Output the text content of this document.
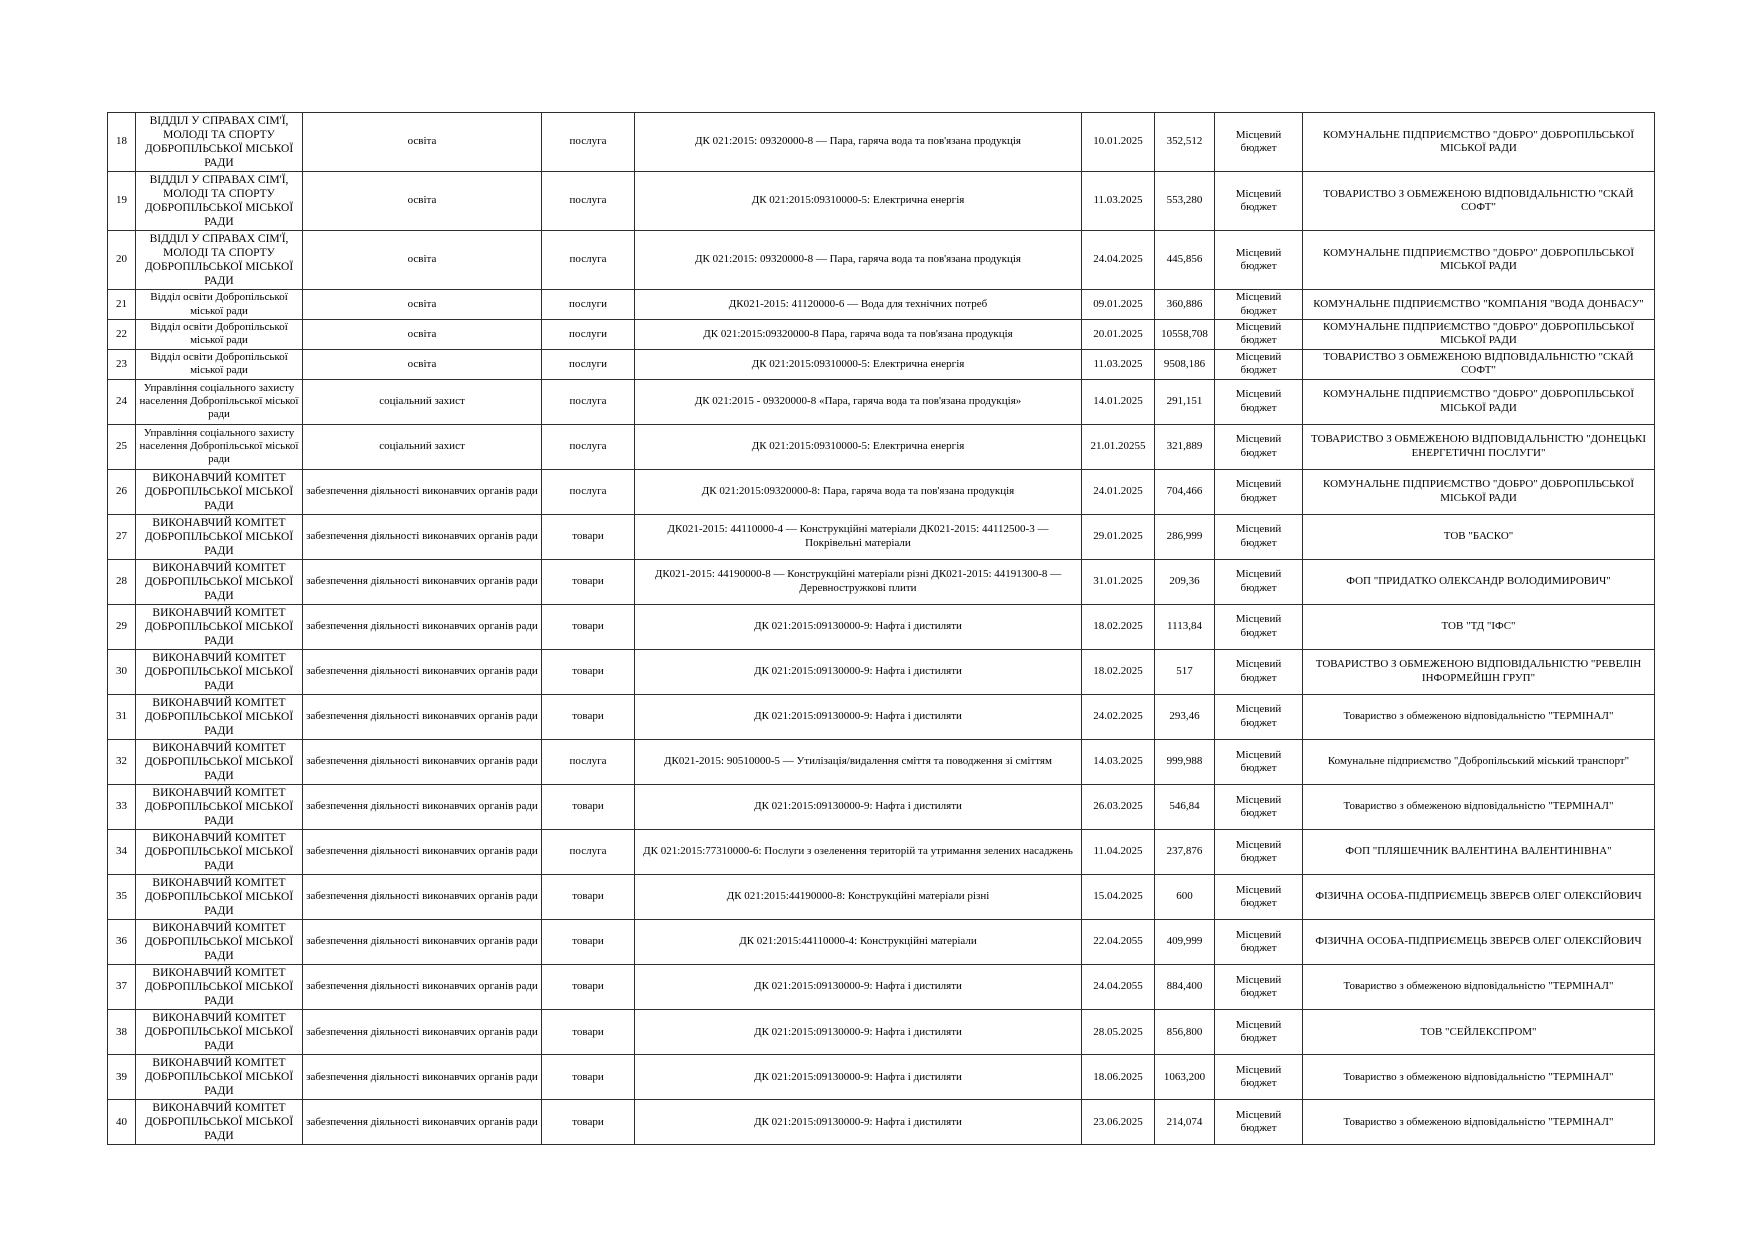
18	ВІДДІЛ У СПРАВАХ СІМ'Ї, МОЛОДІ ТА СПОРТУ ДОБРОПІЛЬСЬКОЇ МІСЬКОЇ РАДИ	освіта	послуга	ДК 021:2015: 09320000-8 — Пара, гаряча вода та пов'язана продукція	10.01.2025	352,512	Місцевий бюджет	КОМУНАЛЬНЕ ПІДПРИЄМСТВО "ДОБРО" ДОБРОПІЛЬСЬКОЇ МІСЬКОЇ РАДИ
19	ВІДДІЛ У СПРАВАХ СІМ'Ї, МОЛОДІ ТА СПОРТУ ДОБРОПІЛЬСЬКОЇ МІСЬКОЇ РАДИ	освіта	послуга	ДК 021:2015:09310000-5: Електрична енергія	11.03.2025	553,280	Місцевий бюджет	ТОВАРИСТВО З ОБМЕЖЕНОЮ ВІДПОВІДАЛЬНІСТЮ "СКАЙ СОФТ"
20	ВІДДІЛ У СПРАВАХ СІМ'Ї, МОЛОДІ ТА СПОРТУ ДОБРОПІЛЬСЬКОЇ МІСЬКОЇ РАДИ	освіта	послуга	ДК 021:2015: 09320000-8 — Пара, гаряча вода та пов'язана продукція	24.04.2025	445,856	Місцевий бюджет	КОМУНАЛЬНЕ ПІДПРИЄМСТВО "ДОБРО" ДОБРОПІЛЬСЬКОЇ МІСЬКОЇ РАДИ
21	Відділ освіти Добропільської міської ради	освіта	послуги	ДК021-2015: 41120000-6 — Вода для технічних потреб	09.01.2025	360,886	Місцевий бюджет	КОМУНАЛЬНЕ ПІДПРИЄМСТВО "КОМПАНІЯ "ВОДА ДОНБАСУ"
22	Відділ освіти Добропільської міської ради	освіта	послуги	ДК 021:2015:09320000-8 Пара, гаряча вода та пов'язана продукція	20.01.2025	10558,708	Місцевий бюджет	КОМУНАЛЬНЕ ПІДПРИЄМСТВО "ДОБРО" ДОБРОПІЛЬСЬКОЇ МІСЬКОЇ РАДИ
23	Відділ освіти Добропільської міської ради	освіта	послуги	ДК 021:2015:09310000-5: Електрична енергія	11.03.2025	9508,186	Місцевий бюджет	ТОВАРИСТВО З ОБМЕЖЕНОЮ ВІДПОВІДАЛЬНІСТЮ "СКАЙ СОФТ"
24	Управління соціального захисту населення Добропільської міської ради	соціальний захист	послуга	ДК 021:2015 - 09320000-8 «Пара, гаряча вода та пов'язана продукція»	14.01.2025	291,151	Місцевий бюджет	КОМУНАЛЬНЕ ПІДПРИЄМСТВО "ДОБРО" ДОБРОПІЛЬСЬКОЇ МІСЬКОЇ РАДИ
25	Управління соціального захисту населення Добропільської міської ради	соціальний захист	послуга	ДК 021:2015:09310000-5: Електрична енергія	21.01.20255	321,889	Місцевий бюджет	ТОВАРИСТВО З ОБМЕЖЕНОЮ ВІДПОВІДАЛЬНІСТЮ "ДОНЕЦЬКІ ЕНЕРГЕТИЧНІ ПОСЛУГИ"
26	ВИКОНАВЧИЙ КОМІТЕТ ДОБРОПІЛЬСЬКОЇ МІСЬКОЇ РАДИ	забезпечення діяльності виконавчих органів ради	послуга	ДК 021:2015:09320000-8: Пара, гаряча вода та пов'язана продукція	24.01.2025	704,466	Місцевий бюджет	КОМУНАЛЬНЕ ПІДПРИЄМСТВО "ДОБРО" ДОБРОПІЛЬСЬКОЇ МІСЬКОЇ РАДИ
27	ВИКОНАВЧИЙ КОМІТЕТ ДОБРОПІЛЬСЬКОЇ МІСЬКОЇ РАДИ	забезпечення діяльності виконавчих органів ради	товари	ДК021-2015: 44110000-4 — Конструкційні матеріали ДК021-2015: 44112500-3 — Покрівельні матеріали	29.01.2025	286,999	Місцевий бюджет	ТОВ "БАСКО"
28	ВИКОНАВЧИЙ КОМІТЕТ ДОБРОПІЛЬСЬКОЇ МІСЬКОЇ РАДИ	забезпечення діяльності виконавчих органів ради	товари	ДК021-2015: 44190000-8 — Конструкційні матеріали різні ДК021-2015: 44191300-8 — Деревностружкові плити	31.01.2025	209,36	Місцевий бюджет	ФОП "ПРИДАТКО ОЛЕКСАНДР ВОЛОДИМИРОВИЧ"
29	ВИКОНАВЧИЙ КОМІТЕТ ДОБРОПІЛЬСЬКОЇ МІСЬКОЇ РАДИ	забезпечення діяльності виконавчих органів ради	товари	ДК 021:2015:09130000-9: Нафта і дистиляти	18.02.2025	1113,84	Місцевий бюджет	ТОВ "ТД "ІФС"
30	ВИКОНАВЧИЙ КОМІТЕТ ДОБРОПІЛЬСЬКОЇ МІСЬКОЇ РАДИ	забезпечення діяльності виконавчих органів ради	товари	ДК 021:2015:09130000-9: Нафта і дистиляти	18.02.2025	517	Місцевий бюджет	ТОВАРИСТВО З ОБМЕЖЕНОЮ ВІДПОВІДАЛЬНІСТЮ "РЕВЕЛІН ІНФОРМЕЙШН ГРУП"
31	ВИКОНАВЧИЙ КОМІТЕТ ДОБРОПІЛЬСЬКОЇ МІСЬКОЇ РАДИ	забезпечення діяльності виконавчих органів ради	товари	ДК 021:2015:09130000-9: Нафта і дистиляти	24.02.2025	293,46	Місцевий бюджет	Товариство з обмеженою відповідальністю "ТЕРМІНАЛ"
32	ВИКОНАВЧИЙ КОМІТЕТ ДОБРОПІЛЬСЬКОЇ МІСЬКОЇ РАДИ	забезпечення діяльності виконавчих органів ради	послуга	ДК021-2015: 90510000-5 — Утилізація/видалення сміття та поводження зі сміттям	14.03.2025	999,988	Місцевий бюджет	Комунальне підприємство "Добропільський міський транспорт"
33	ВИКОНАВЧИЙ КОМІТЕТ ДОБРОПІЛЬСЬКОЇ МІСЬКОЇ РАДИ	забезпечення діяльності виконавчих органів ради	товари	ДК 021:2015:09130000-9: Нафта і дистиляти	26.03.2025	546,84	Місцевий бюджет	Товариство з обмеженою відповідальністю "ТЕРМІНАЛ"
34	ВИКОНАВЧИЙ КОМІТЕТ ДОБРОПІЛЬСЬКОЇ МІСЬКОЇ РАДИ	забезпечення діяльності виконавчих органів ради	послуга	ДК 021:2015:77310000-6: Послуги з озеленення територій та утримання зелених насаджень	11.04.2025	237,876	Місцевий бюджет	ФОП "ПЛЯШЕЧНИК ВАЛЕНТИНА ВАЛЕНТИНІВНА"
35	ВИКОНАВЧИЙ КОМІТЕТ ДОБРОПІЛЬСЬКОЇ МІСЬКОЇ РАДИ	забезпечення діяльності виконавчих органів ради	товари	ДК 021:2015:44190000-8: Конструкційні матеріали різні	15.04.2025	600	Місцевий бюджет	ФІЗИЧНА ОСОБА-ПІДПРИЄМЕЦЬ ЗВЕРЄВ ОЛЕГ ОЛЕКСІЙОВИЧ
36	ВИКОНАВЧИЙ КОМІТЕТ ДОБРОПІЛЬСЬКОЇ МІСЬКОЇ РАДИ	забезпечення діяльності виконавчих органів ради	товари	ДК 021:2015:44110000-4: Конструкційні матеріали	22.04.2055	409,999	Місцевий бюджет	ФІЗИЧНА ОСОБА-ПІДПРИЄМЕЦЬ ЗВЕРЄВ ОЛЕГ ОЛЕКСІЙОВИЧ
37	ВИКОНАВЧИЙ КОМІТЕТ ДОБРОПІЛЬСЬКОЇ МІСЬКОЇ РАДИ	забезпечення діяльності виконавчих органів ради	товари	ДК 021:2015:09130000-9: Нафта і дистиляти	24.04.2055	884,400	Місцевий бюджет	Товариство з обмеженою відповідальністю "ТЕРМІНАЛ"
38	ВИКОНАВЧИЙ КОМІТЕТ ДОБРОПІЛЬСЬКОЇ МІСЬКОЇ РАДИ	забезпечення діяльності виконавчих органів ради	товари	ДК 021:2015:09130000-9: Нафта і дистиляти	28.05.2025	856,800	Місцевий бюджет	ТОВ "СЕЙЛЕКСПРОМ"
39	ВИКОНАВЧИЙ КОМІТЕТ ДОБРОПІЛЬСЬКОЇ МІСЬКОЇ РАДИ	забезпечення діяльності виконавчих органів ради	товари	ДК 021:2015:09130000-9: Нафта і дистиляти	18.06.2025	1063,200	Місцевий бюджет	Товариство з обмеженою відповідальністю "ТЕРМІНАЛ"
40	ВИКОНАВЧИЙ КОМІТЕТ ДОБРОПІЛЬСЬКОЇ МІСЬКОЇ РАДИ	забезпечення діяльності виконавчих органів ради	товари	ДК 021:2015:09130000-9: Нафта і дистиляти	23.06.2025	214,074	Місцевий бюджет	Товариство з обмеженою відповідальністю "ТЕРМІНАЛ"
